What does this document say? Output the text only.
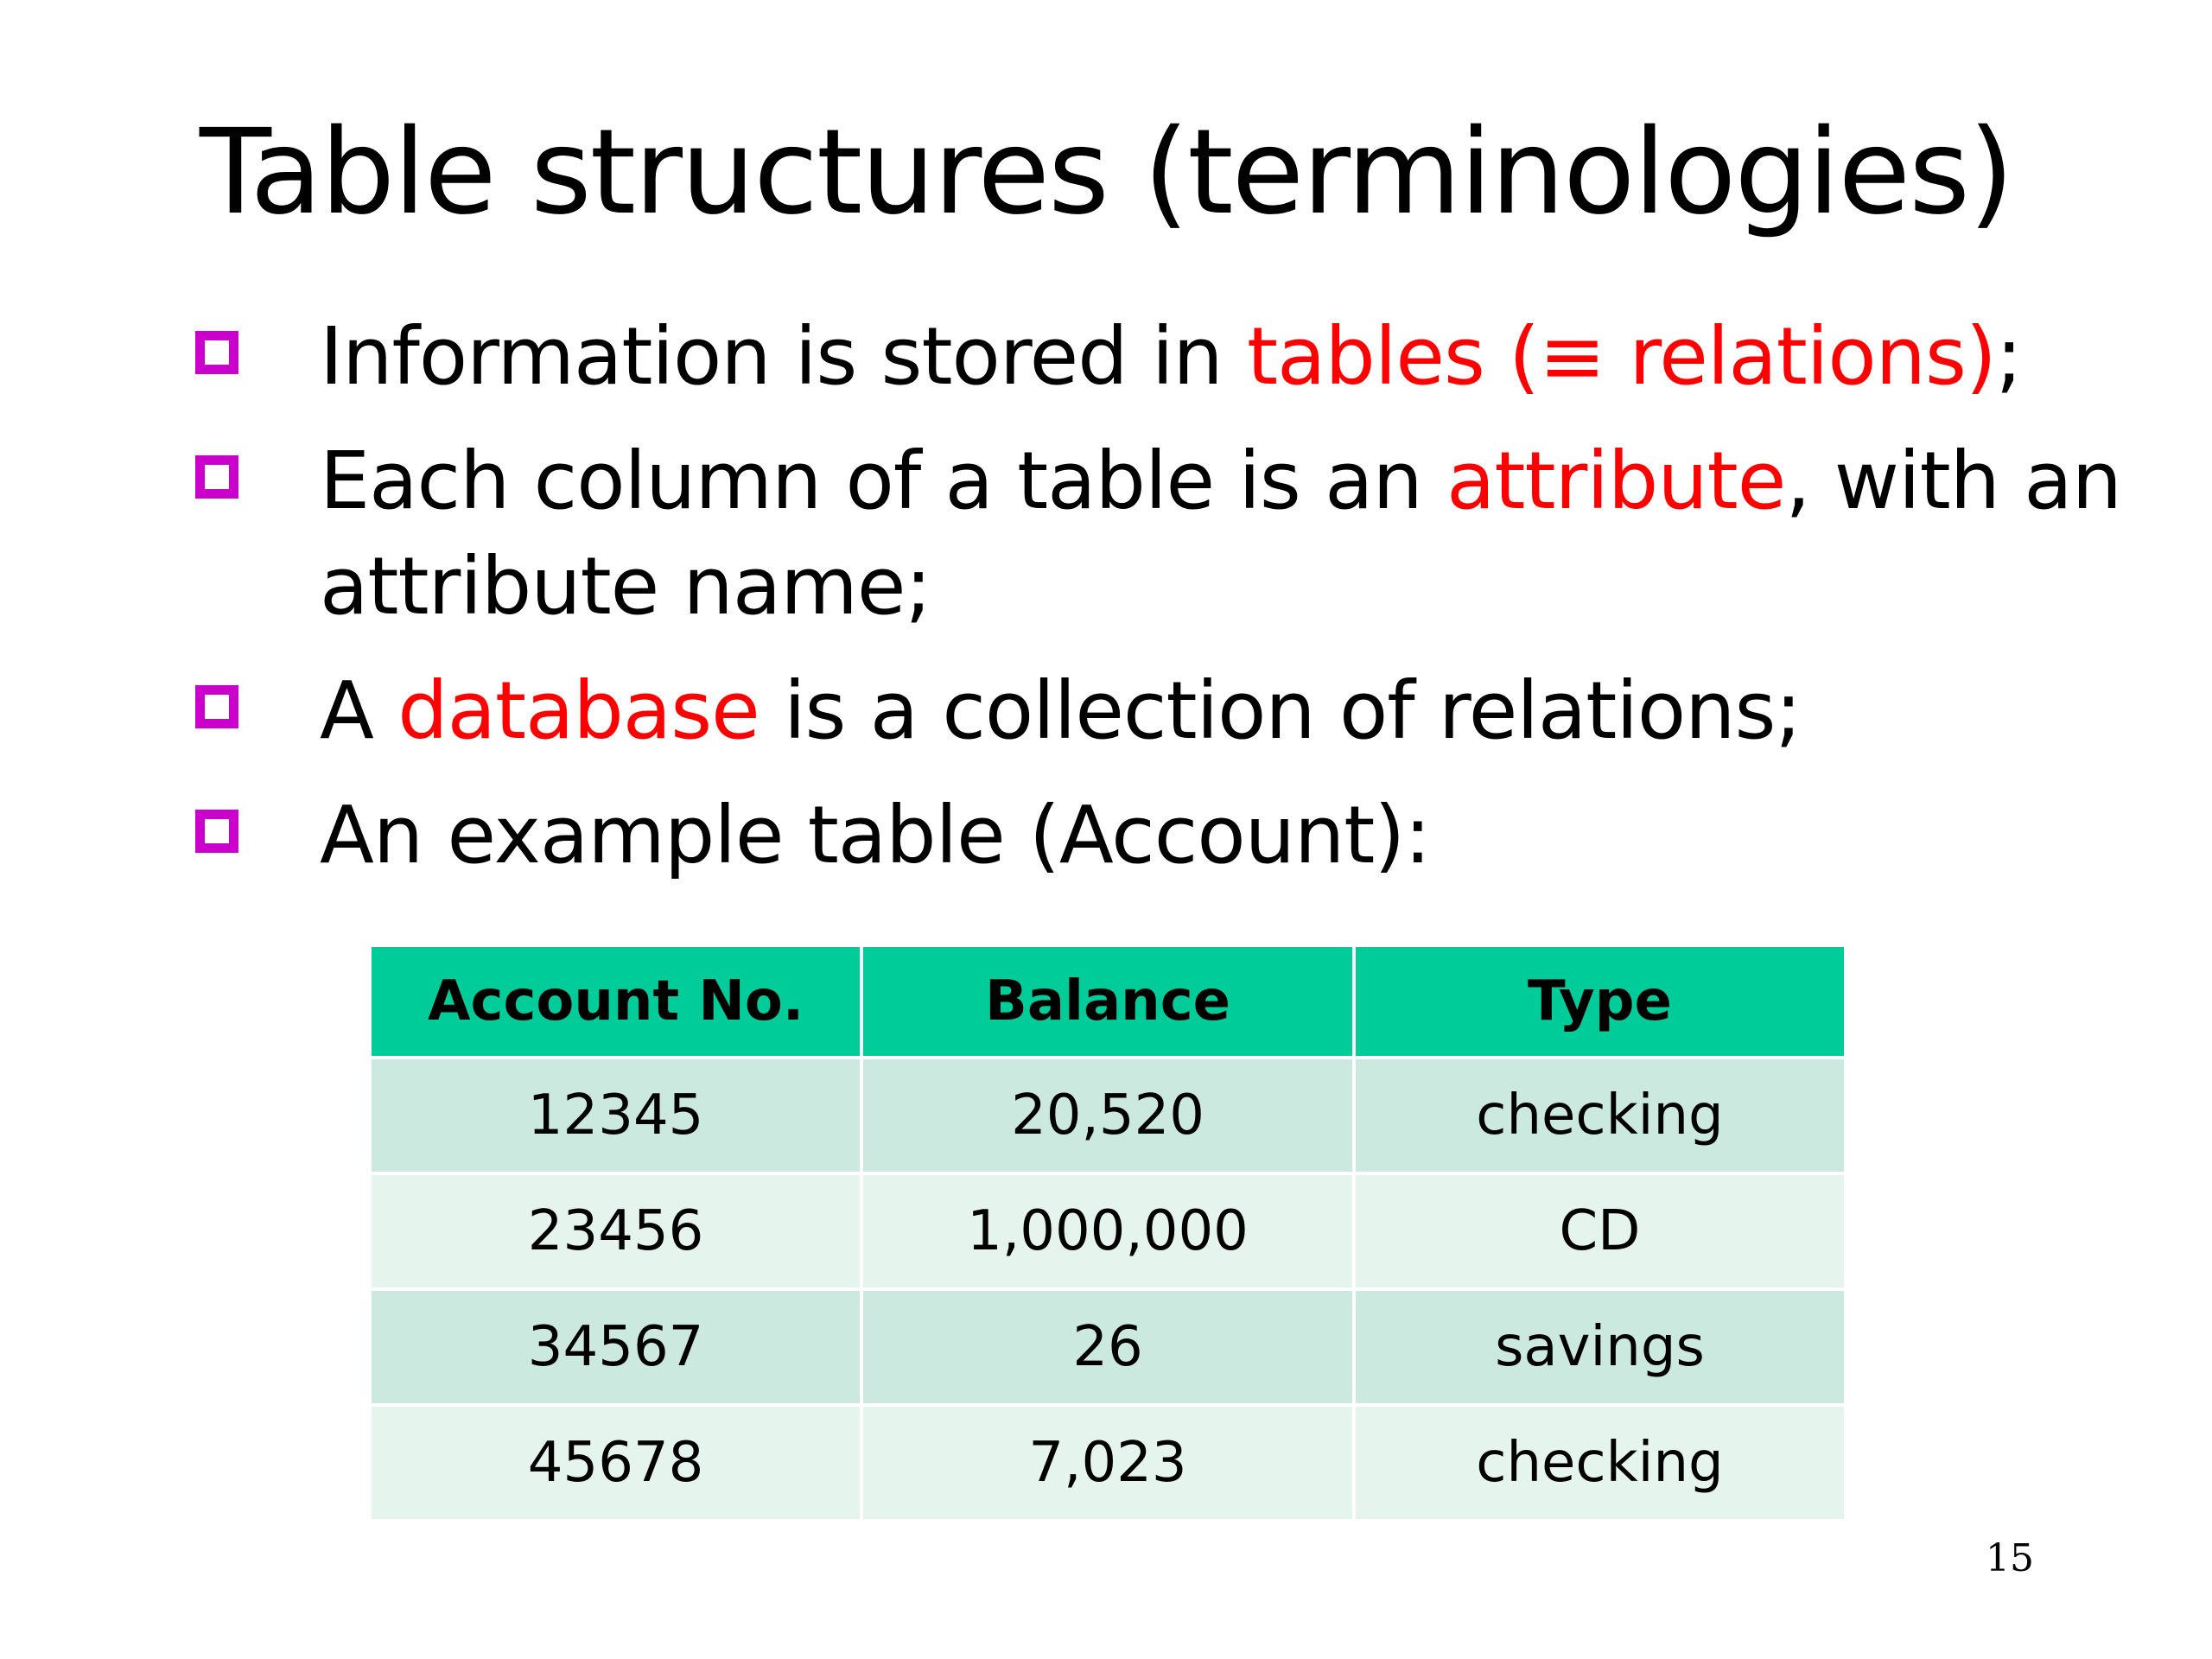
Table structures (terminologies)
Information is stored in tables (≡ relations);
Each column of a table is an attribute, with an attribute name;
A database is a collection of relations;
An example table (Account):
Account No.	Balance	Type
12345	20,520	checking
23456	1,000,000	CD
34567	26	savings
45678	7,023	checking
15
